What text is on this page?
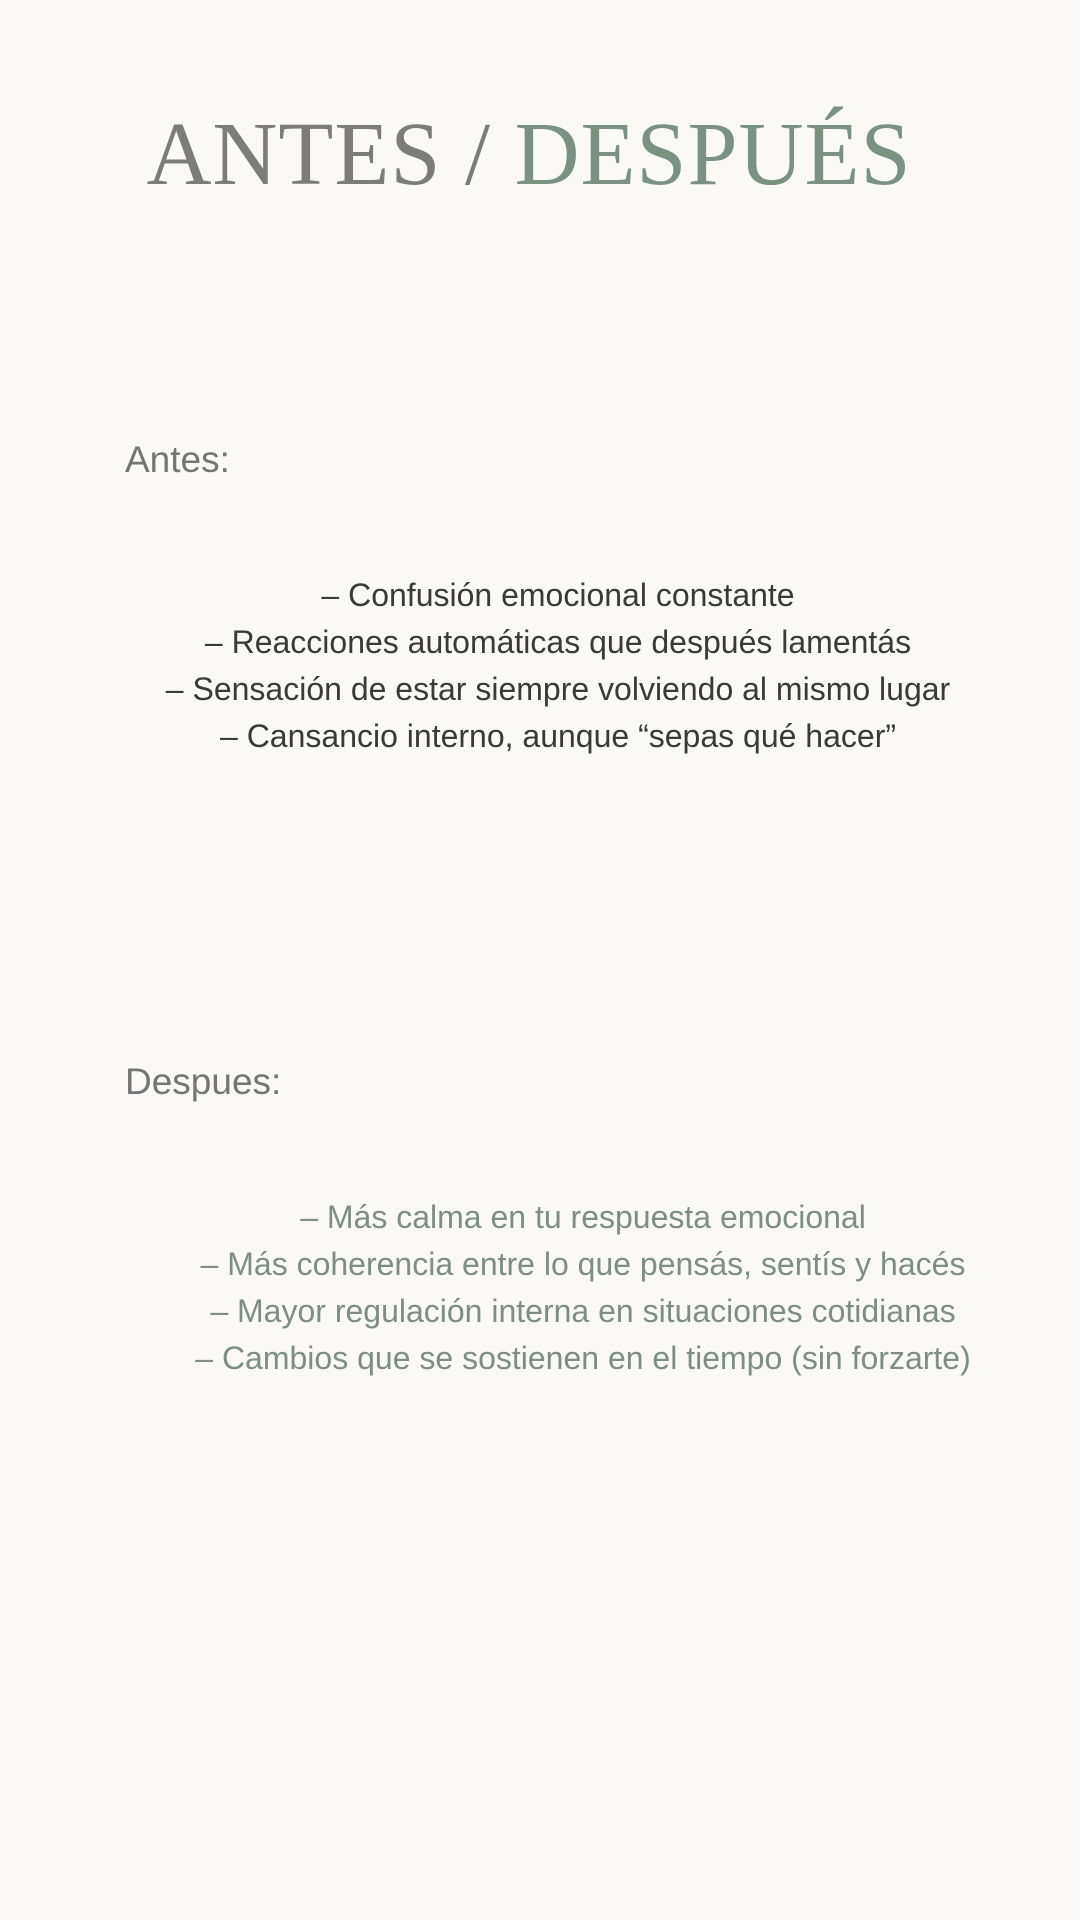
ANTES / DESPUÉS
Antes:
– Confusión emocional constante
– Reacciones automáticas que después lamentás
– Sensación de estar siempre volviendo al mismo lugar
– Cansancio interno, aunque “sepas qué hacer”
Despues:
– Más calma en tu respuesta emocional
– Más coherencia entre lo que pensás, sentís y hacés
– Mayor regulación interna en situaciones cotidianas
– Cambios que se sostienen en el tiempo (sin forzarte)
